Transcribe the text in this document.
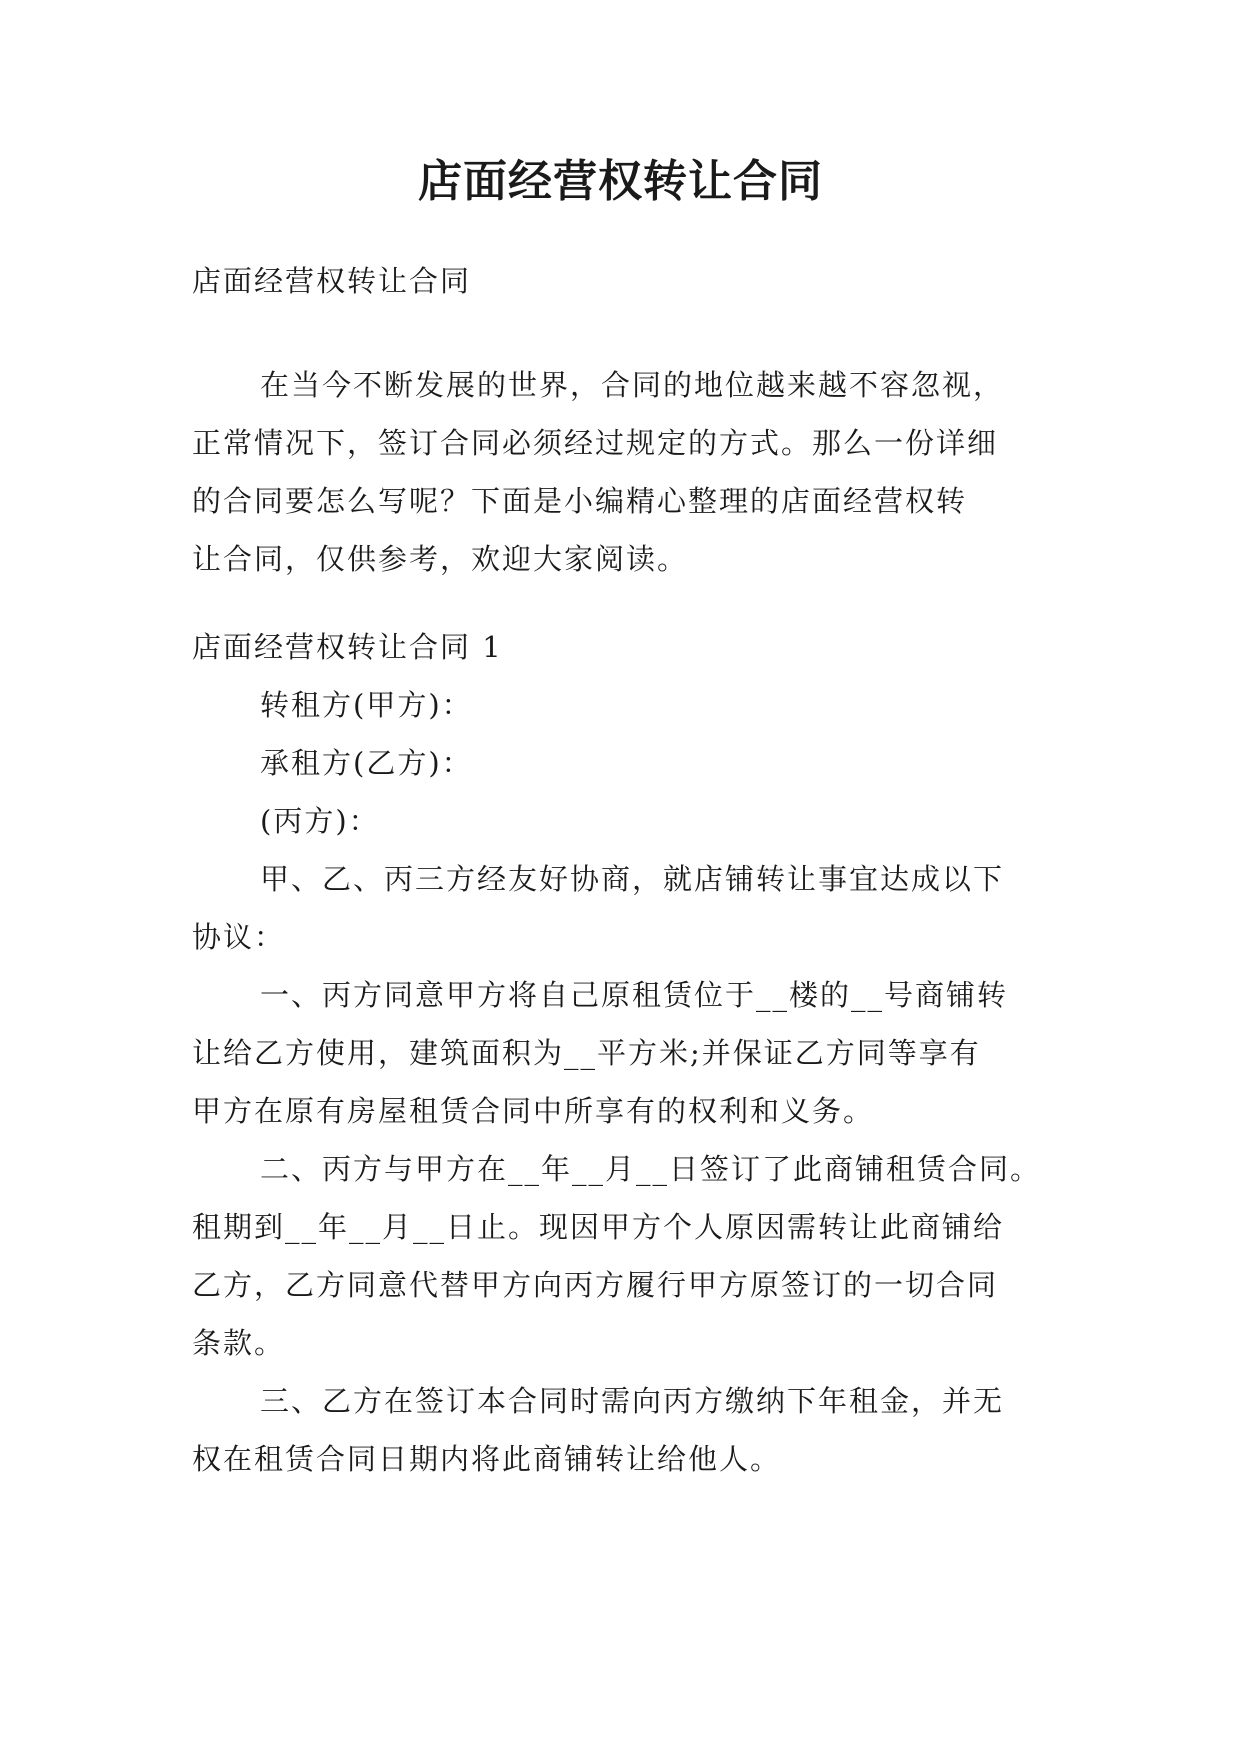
店面经营权转让合同

店面经营权转让合同

在当今不断发展的世界，合同的地位越来越不容忽视，
正常情况下，签订合同必须经过规定的方式。那么一份详细
的合同要怎么写呢？下面是小编精心整理的店面经营权转
让合同，仅供参考，欢迎大家阅读。

店面经营权转让合同 1
转租方(甲方)：
承租方(乙方)：
(丙方)：
甲、乙、丙三方经友好协商，就店铺转让事宜达成以下
协议：
一、丙方同意甲方将自己原租赁位于__楼的__号商铺转
让给乙方使用，建筑面积为__平方米;并保证乙方同等享有
甲方在原有房屋租赁合同中所享有的权利和义务。
二、丙方与甲方在__年__月__日签订了此商铺租赁合同。
租期到__年__月__日止。现因甲方个人原因需转让此商铺给
乙方，乙方同意代替甲方向丙方履行甲方原签订的一切合同
条款。
三、乙方在签订本合同时需向丙方缴纳下年租金，并无
权在租赁合同日期内将此商铺转让给他人。
